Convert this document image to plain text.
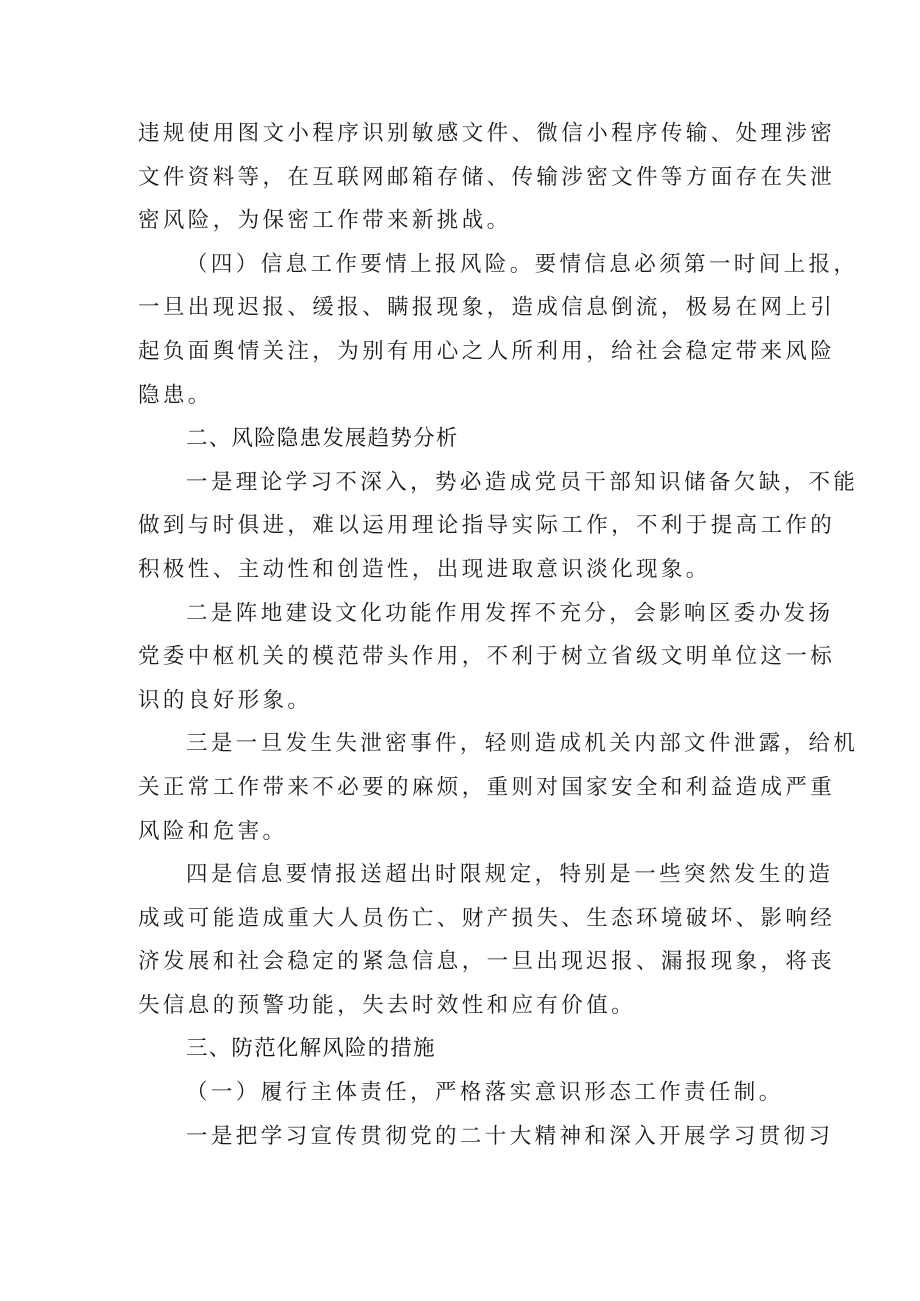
违规使用图文小程序识别敏感文件、微信小程序传输、处理涉密
文件资料等，在互联网邮箱存储、传输涉密文件等方面存在失泄
密风险，为保密工作带来新挑战。
（四）信息工作要情上报风险。要情信息必须第一时间上报，
一旦出现迟报、缓报、瞒报现象，造成信息倒流，极易在网上引
起负面舆情关注，为别有用心之人所利用，给社会稳定带来风险
隐患。
二、风险隐患发展趋势分析
一是理论学习不深入，势必造成党员干部知识储备欠缺，不能
做到与时俱进，难以运用理论指导实际工作，不利于提高工作的
积极性、主动性和创造性，出现进取意识淡化现象。
二是阵地建设文化功能作用发挥不充分，会影响区委办发扬
党委中枢机关的模范带头作用，不利于树立省级文明单位这一标
识的良好形象。
三是一旦发生失泄密事件，轻则造成机关内部文件泄露，给机
关正常工作带来不必要的麻烦，重则对国家安全和利益造成严重
风险和危害。
四是信息要情报送超出时限规定，特别是一些突然发生的造
成或可能造成重大人员伤亡、财产损失、生态环境破坏、影响经
济发展和社会稳定的紧急信息，一旦出现迟报、漏报现象，将丧
失信息的预警功能，失去时效性和应有价值。
三、防范化解风险的措施
（一）履行主体责任，严格落实意识形态工作责任制。
一是把学习宣传贯彻党的二十大精神和深入开展学习贯彻习
